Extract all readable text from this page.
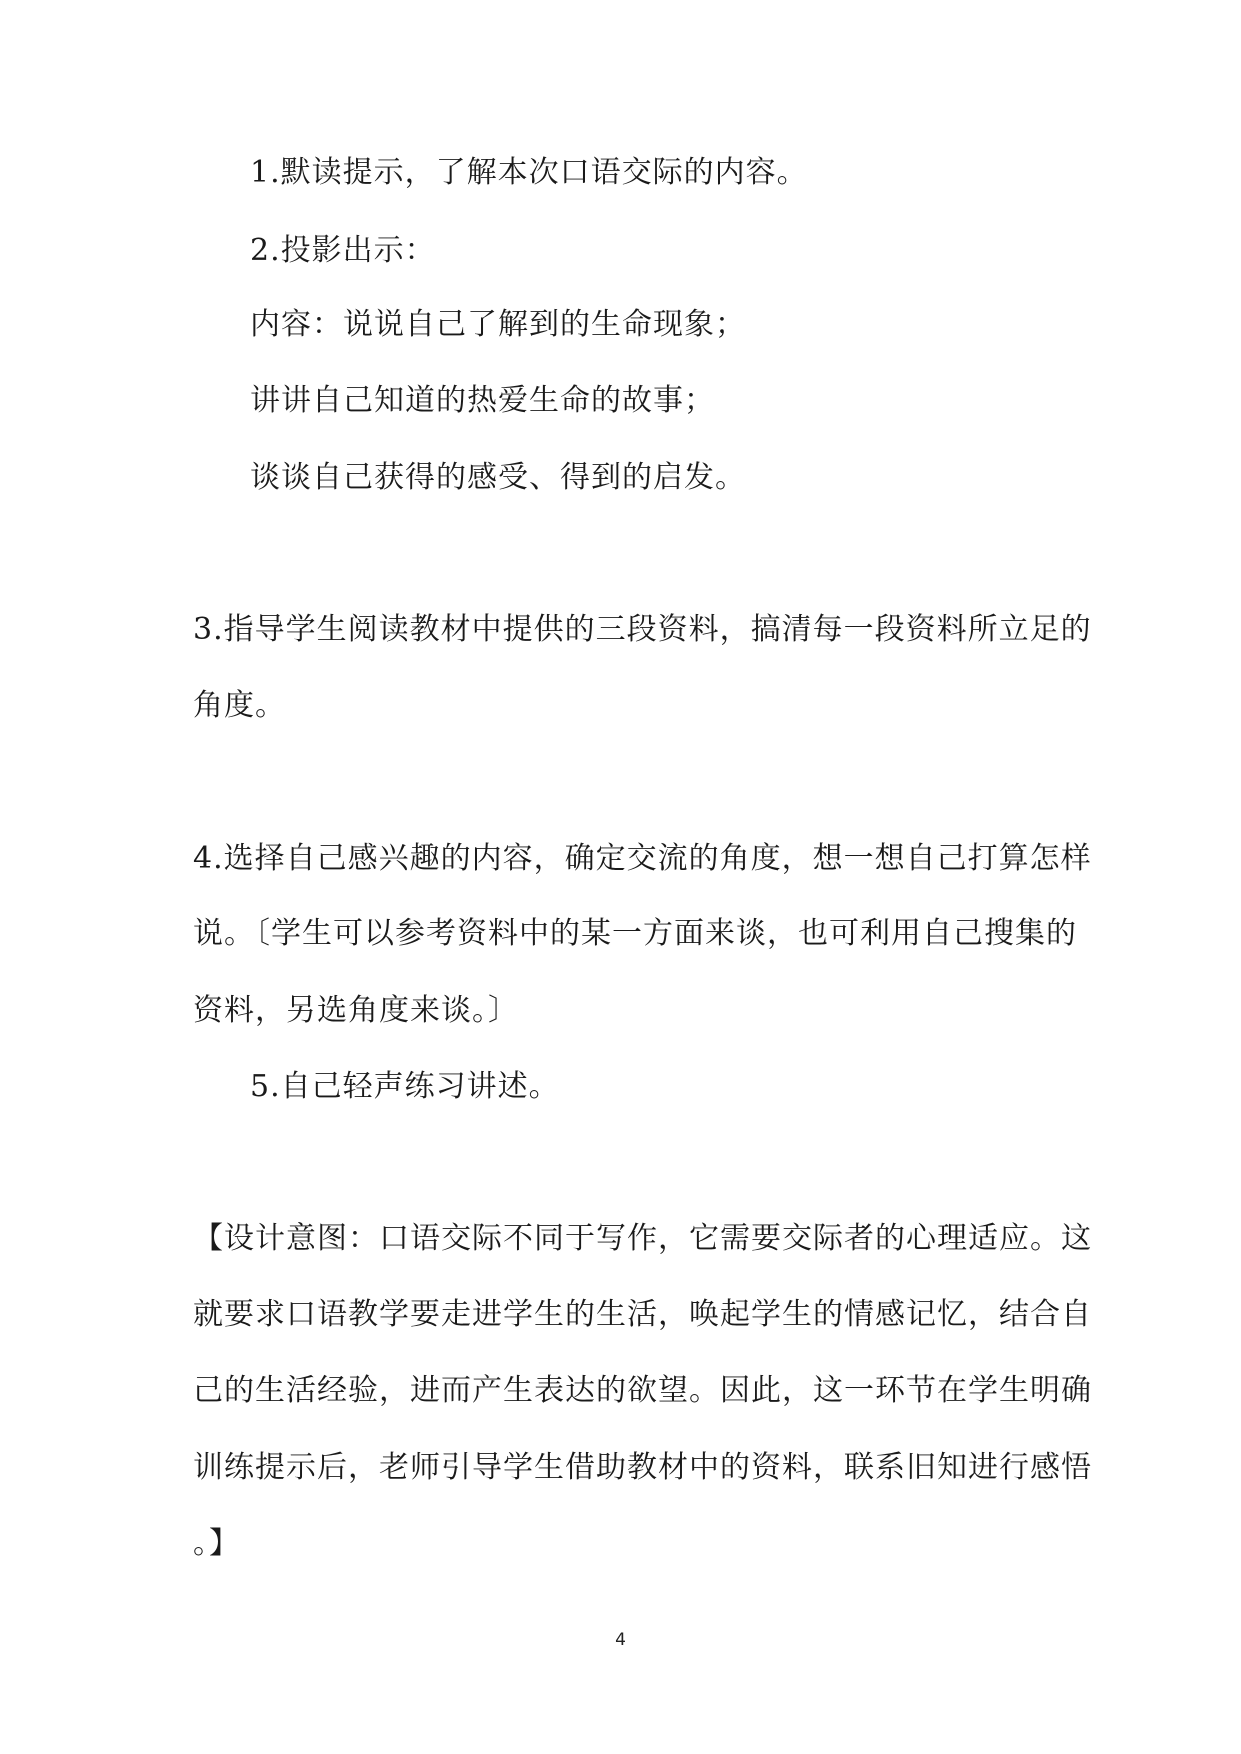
1.默读提示，了解本次口语交际的内容。
2.投影出示：
内容：说说自己了解到的生命现象；
讲讲自己知道的热爱生命的故事；
谈谈自己获得的感受、得到的启发。
3.指导学生阅读教材中提供的三段资料，搞清每一段资料所立足的
角度。
4.选择自己感兴趣的内容，确定交流的角度，想一想自己打算怎样
说。〔学生可以参考资料中的某一方面来谈，也可利用自己搜集的
资料，另选角度来谈。〕
5.自己轻声练习讲述。
【设计意图：口语交际不同于写作，它需要交际者的心理适应。这
就要求口语教学要走进学生的生活，唤起学生的情感记忆，结合自
己的生活经验，进而产生表达的欲望。因此，这一环节在学生明确
训练提示后，老师引导学生借助教材中的资料，联系旧知进行感悟
。】
4
